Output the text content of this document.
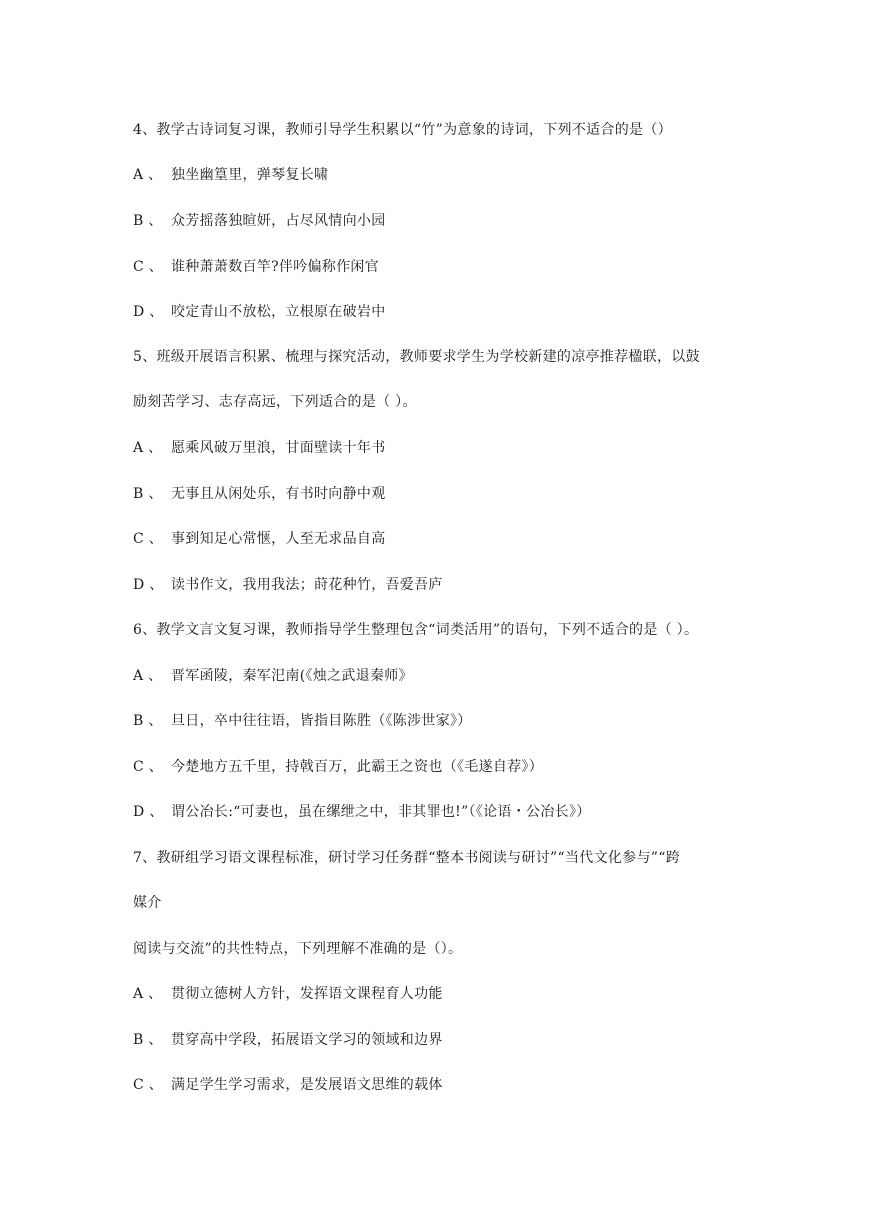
4、教学古诗词复习课，教师引导学生积累以“竹”为意象的诗词，下列不适合的是（）
A 、 独坐幽篁里，弹琴复长啸
B 、 众芳摇落独暄妍，占尽风情向小园
C 、 谁种萧萧数百竿?伴吟偏称作闲官
D 、 咬定青山不放松，立根原在破岩中
5、班级开展语言积累、梳理与探究活动，教师要求学生为学校新建的凉亭推荐楹联，以鼓
励刻苦学习、志存高远，下列适合的是（ ）。
A 、 愿乘风破万里浪，甘面壁读十年书
B 、 无事且从闲处乐，有书时向静中观
C 、 事到知足心常惬，人至无求品自高
D 、 读书作文，我用我法；莳花种竹，吾爱吾庐
6、教学文言文复习课，教师指导学生整理包含“词类活用”的语句，下列不适合的是（ ）。
A 、 晋军函陵，秦军汜南(《烛之武退秦师》
B 、 旦日，卒中往往语，皆指目陈胜（《陈涉世家》）
C 、 今楚地方五千里，持戟百万，此霸王之资也（《毛遂自荐》）
D 、 谓公冶长:“可妻也，虽在缧绁之中，非其罪也!”（《论语・公冶长》）
7、教研组学习语文课程标准，研讨学习任务群“整本书阅读与研讨”“当代文化参与”“跨
媒介
阅读与交流”的共性特点，下列理解不准确的是（）。
A 、 贯彻立德树人方针，发挥语文课程育人功能
B 、 贯穿高中学段，拓展语文学习的领域和边界
C 、 满足学生学习需求，是发展语文思维的载体
